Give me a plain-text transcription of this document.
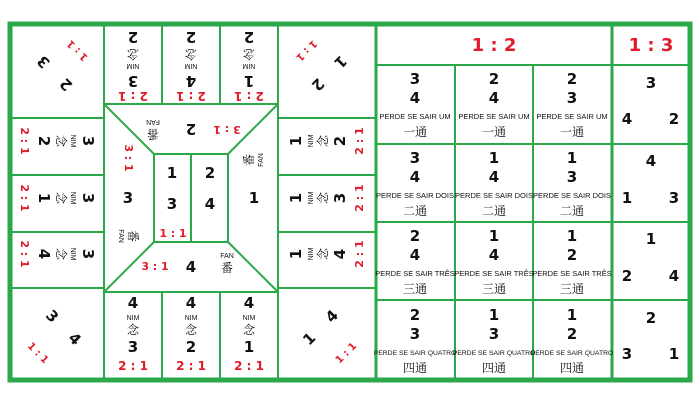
2 : 1
3
NIM
念
2
2 : 1
4
NIM
念
2
2 : 1
1
NIM
念
2
4
NIM
念
3
2 : 1
4
NIM
念
2
2 : 1
4
NIM
念
1
2 : 1
3
NIM
念
2
2 : 1
3
NIM
念
1
2 : 1
3
NIM
念
4
2 : 1
1 NIM 念 2 2 : 1
1 NIM 念 3 2 : 1
1 NIM 念 4 2 : 1
1 : 1
3
2
1 : 1
2
1
3
4
1 : 1
1
4
1 : 1
3 : 1
2
番
FAN
3 : 1
3
番
FAN
番 FAN
1
3 : 1 4
FAN
番
1 2
3 4
1 : 1
1 : 2	1 : 3
3
4
PERDE SE SAIR UM
一通
2
4
PERDE SE SAIR UM
一通
2
3
PERDE SE SAIR UM
一通
3
4 2
3
4
PERDE SE SAIR DOIS
二通
1
4
PERDE SE SAIR DOIS
二通
1
3
PERDE SE SAIR DOIS
二通
4
1 3
2
4
PERDE SE SAIR TRÊS
三通
1
4
PERDE SE SAIR TRÊS
三通
1
2
PERDE SE SAIR TRÊS
三通
1
2 4
2
3
PERDE SE SAIR QUATRO
四通
1
3
PERDE SE SAIR QUATRO
四通
1
2
PERDE SE SAIR QUATRO
四通
2
3 1
